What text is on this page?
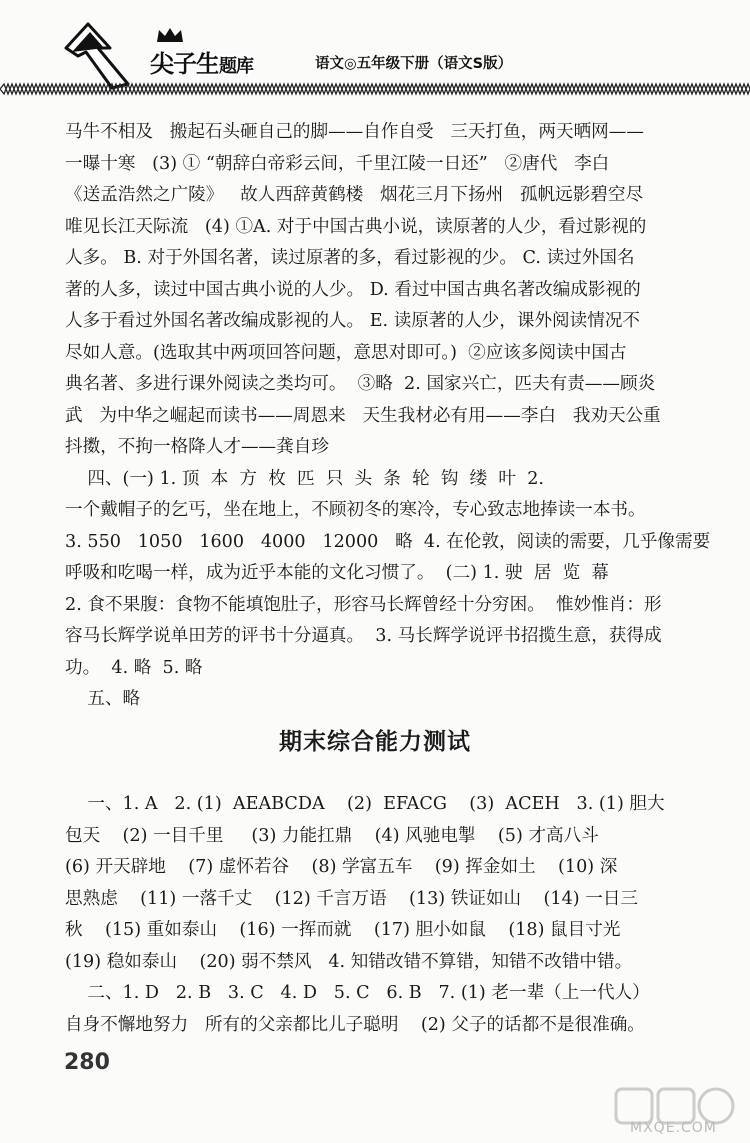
尖子生题库	语文◎五年级下册（语文S版）
马牛不相及   搬起石头砸自己的脚——自作自受   三天打鱼，两天晒网——
一曝十寒   (3) ① “朝辞白帝彩云间，千里江陵一日还”   ②唐代   李白
《送孟浩然之广陵》   故人西辞黄鹤楼   烟花三月下扬州   孤帆远影碧空尽
唯见长江天际流   (4) ①A. 对于中国古典小说，读原著的人少，看过影视的
人多。 B. 对于外国名著，读过原著的多，看过影视的少。 C. 读过外国名
著的人多，读过中国古典小说的人少。 D. 看过中国古典名著改编成影视的
人多于看过外国名著改编成影视的人。 E. 读原著的人少，课外阅读情况不
尽如人意。(选取其中两项回答问题，意思对即可。)  ②应该多阅读中国古
典名著、多进行课外阅读之类均可。  ③略  2. 国家兴亡，匹夫有责——顾炎
武   为中华之崛起而读书——周恩来   天生我材必有用——李白   我劝天公重
抖擞，不拘一格降人才——龚自珍
四、(一) 1. 顶  本  方  枚  匹  只  头  条  轮  钩  缕  叶  2.
一个戴帽子的乞丐，坐在地上，不顾初冬的寒冷，专心致志地捧读一本书。
3. 550   1050   1600   4000   12000   略  4. 在伦敦，阅读的需要，几乎像需要
呼吸和吃喝一样，成为近乎本能的文化习惯了。  (二) 1. 驶  居  览  幕
2. 食不果腹：食物不能填饱肚子，形容马长辉曾经十分穷困。  惟妙惟肖：形
容马长辉学说单田芳的评书十分逼真。  3. 马长辉学说评书招揽生意，获得成
功。  4. 略  5. 略
五、略
期末综合能力测试
一、1. A   2. (1)  AEABCDA    (2)  EFACG    (3)  ACEH   3. (1) 胆大
包天    (2) 一目千里     (3) 力能扛鼎    (4) 风驰电掣    (5) 才高八斗
(6) 开天辟地    (7) 虚怀若谷    (8) 学富五车    (9) 挥金如土    (10) 深
思熟虑    (11) 一落千丈    (12) 千言万语    (13) 铁证如山    (14) 一日三
秋    (15) 重如泰山    (16) 一挥而就    (17) 胆小如鼠    (18) 鼠目寸光
(19) 稳如泰山    (20) 弱不禁风   4. 知错改错不算错，知错不改错中错。
二、1. D   2. B   3. C   4. D   5. C   6. B   7. (1) 老一辈（上一代人）
自身不懈地努力   所有的父亲都比儿子聪明    (2) 父子的话都不是很准确。
280
MXQE.COM
